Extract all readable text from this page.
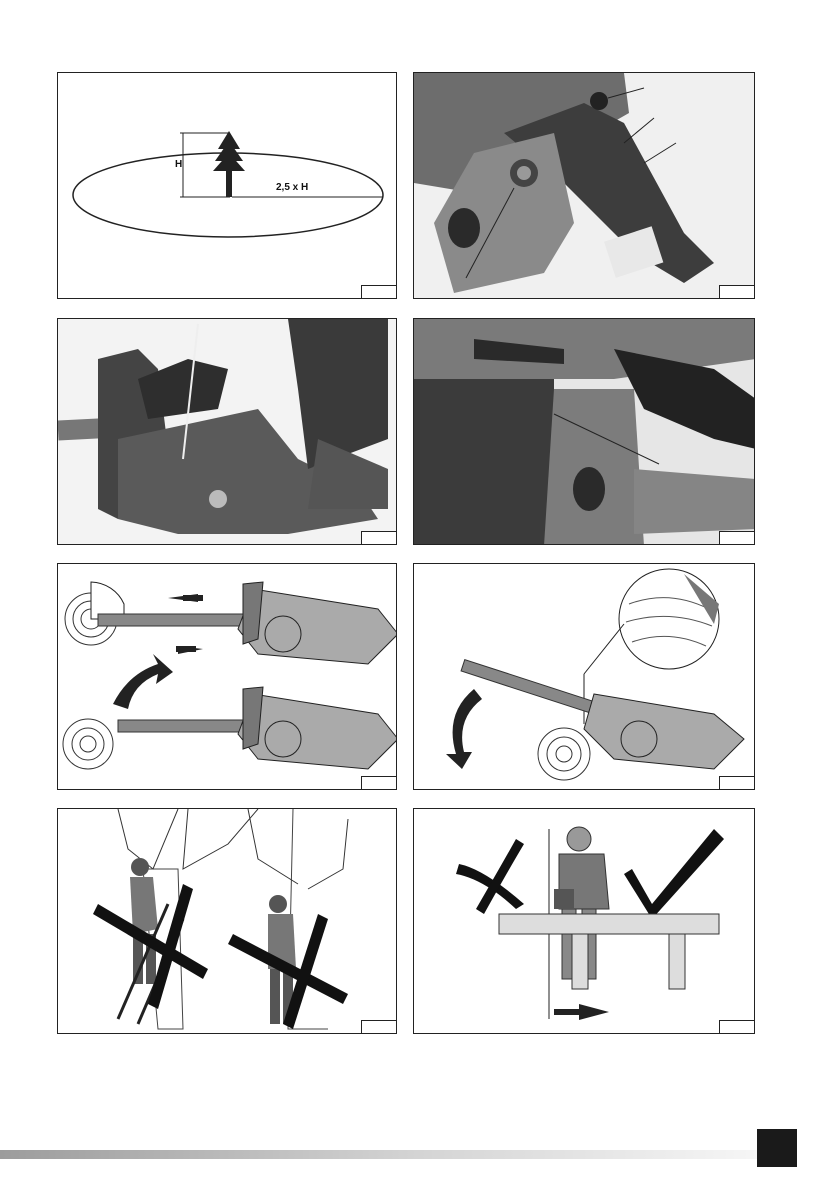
H
2,5 x H
